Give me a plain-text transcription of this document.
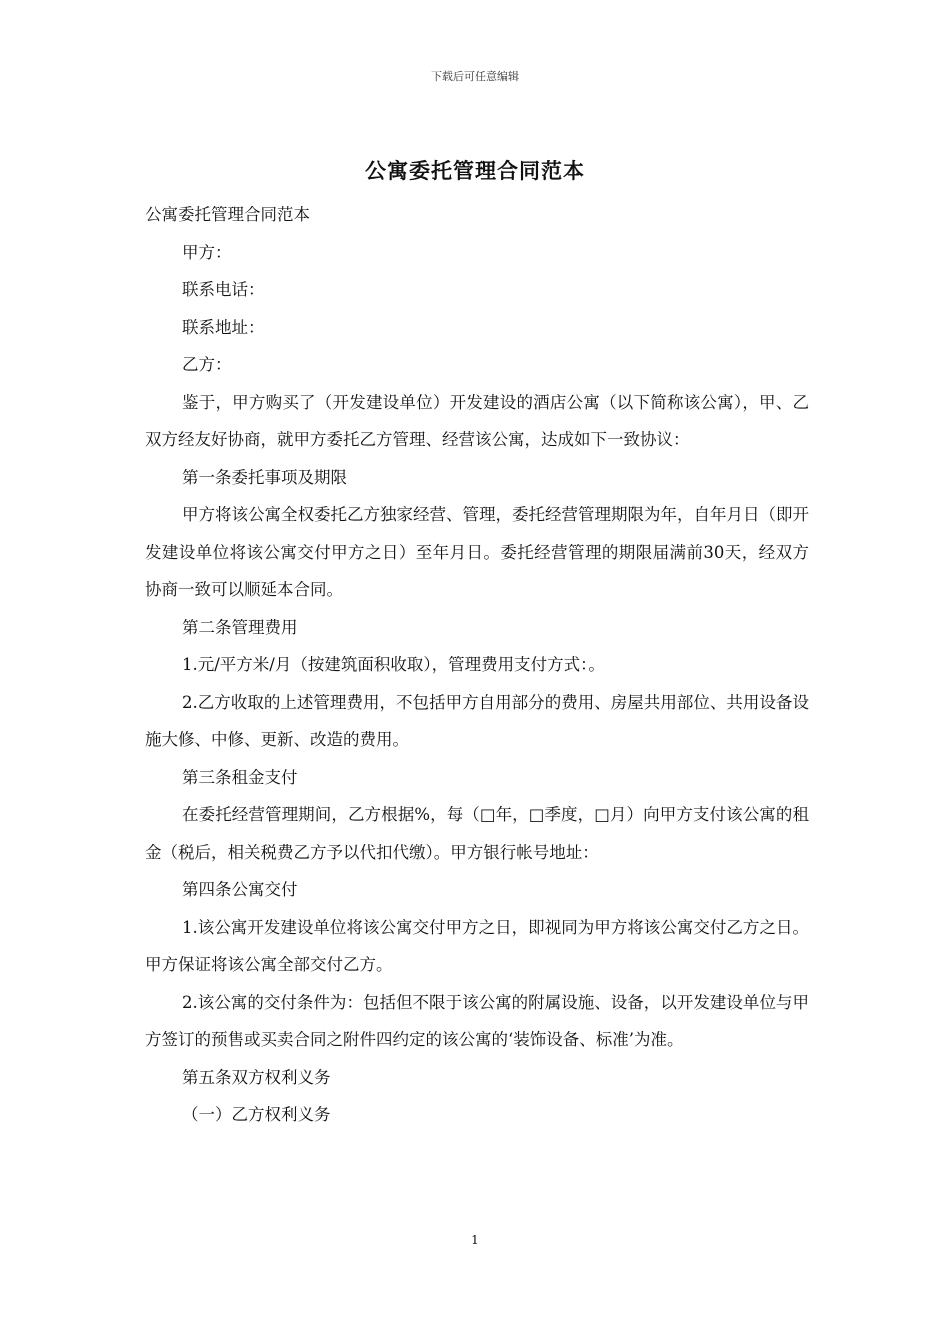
下载后可任意编辑
公寓委托管理合同范本

公寓委托管理合同范本

甲方：

联系电话：

联系地址：

乙方：

鉴于，甲方购买了（开发建设单位）开发建设的酒店公寓（以下简称该公寓），甲、乙双方经友好协商，就甲方委托乙方管理、经营该公寓，达成如下一致协议：

第一条委托事项及期限

甲方将该公寓全权委托乙方独家经营、管理，委托经营管理期限为年，自年月日（即开发建设单位将该公寓交付甲方之日）至年月日。委托经营管理的期限届满前30天，经双方协商一致可以顺延本合同。

第二条管理费用

1.元/平方米/月（按建筑面积收取），管理费用支付方式：。

2.乙方收取的上述管理费用，不包括甲方自用部分的费用、房屋共用部位、共用设备设施大修、中修、更新、改造的费用。

第三条租金支付

在委托经营管理期间，乙方根据%，每（□年，□季度，□月）向甲方支付该公寓的租金（税后，相关税费乙方予以代扣代缴）。甲方银行帐号地址：

第四条公寓交付

1.该公寓开发建设单位将该公寓交付甲方之日，即视同为甲方将该公寓交付乙方之日。甲方保证将该公寓全部交付乙方。

2.该公寓的交付条件为：包括但不限于该公寓的附属设施、设备，以开发建设单位与甲方签订的预售或买卖合同之附件四约定的该公寓的‘装饰设备、标准’为准。

第五条双方权利义务

（一）乙方权利义务

1
